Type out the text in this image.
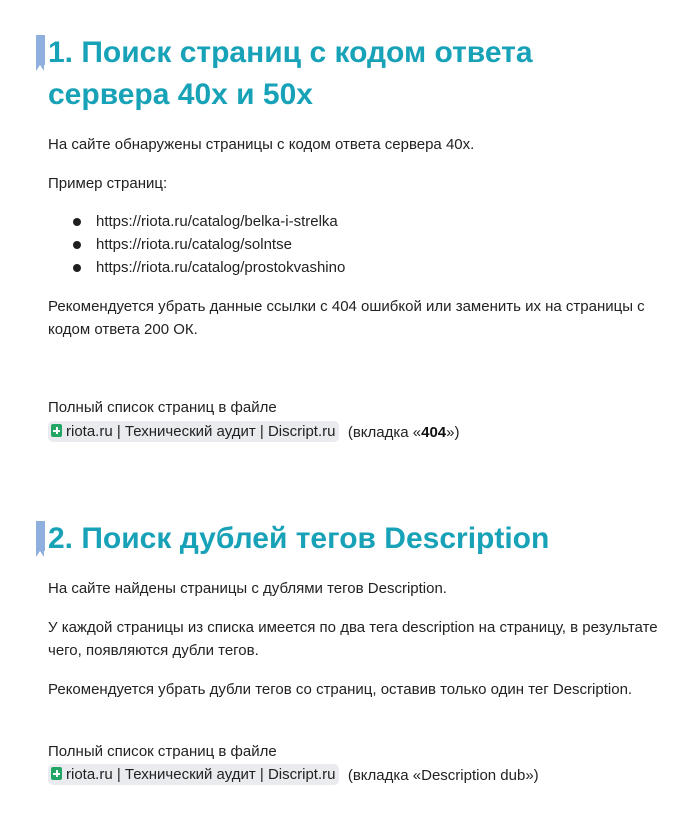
1. Поиск страниц с кодом ответа сервера 40х и 50х

На сайте обнаружены страницы с кодом ответа сервера 40х.

Пример страниц:

https://riota.ru/catalog/belka-i-strelka
https://riota.ru/catalog/solntse
https://riota.ru/catalog/prostokvashino

Рекомендуется убрать данные ссылки с 404 ошибкой или заменить их на страницы с кодом ответа 200 ОК.

Полный список страниц в файле

riota.ru | Технический аудит | Discript.ru (вкладка «404»)

2. Поиск дублей тегов Description

На сайте найдены страницы с дублями тегов Description.

У каждой страницы из списка имеется по два тега description на страницу, в результате чего, появляются дубли тегов.

Рекомендуется убрать дубли тегов со страниц, оставив только один тег Description.

Полный список страниц в файле

riota.ru | Технический аудит | Discript.ru (вкладка «Description dub»)
